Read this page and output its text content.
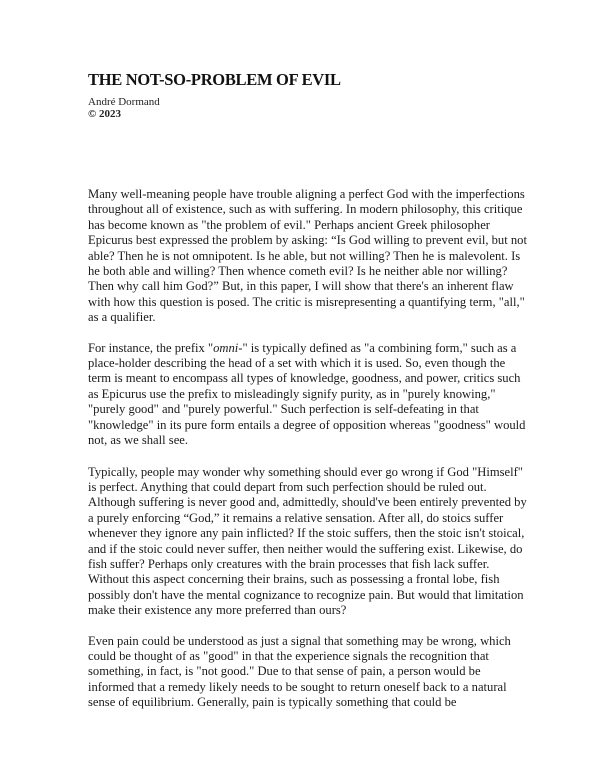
THE NOT-SO-PROBLEM OF EVIL
André Dormand
© 2023

Many well-meaning people have trouble aligning a perfect God with the imperfections throughout all of existence, such as with suffering. In modern philosophy, this critique has become known as "the problem of evil." Perhaps ancient Greek philosopher Epicurus best expressed the problem by asking: “Is God willing to prevent evil, but not able? Then he is not omnipotent. Is he able, but not willing? Then he is malevolent. Is he both able and willing? Then whence cometh evil? Is he neither able nor willing? Then why call him God?” But, in this paper, I will show that there's an inherent flaw with how this question is posed. The critic is misrepresenting a quantifying term, "all," as a qualifier.

For instance, the prefix "omni-" is typically defined as "a combining form," such as a place-holder describing the head of a set with which it is used. So, even though the term is meant to encompass all types of knowledge, goodness, and power, critics such as Epicurus use the prefix to misleadingly signify purity, as in "purely knowing," "purely good" and "purely powerful." Such perfection is self-defeating in that "knowledge" in its pure form entails a degree of opposition whereas "goodness" would not, as we shall see.

Typically, people may wonder why something should ever go wrong if God "Himself" is perfect. Anything that could depart from such perfection should be ruled out. Although suffering is never good and, admittedly, should've been entirely prevented by a purely enforcing “God,” it remains a relative sensation. After all, do stoics suffer whenever they ignore any pain inflicted? If the stoic suffers, then the stoic isn't stoical, and if the stoic could never suffer, then neither would the suffering exist. Likewise, do fish suffer? Perhaps only creatures with the brain processes that fish lack suffer. Without this aspect concerning their brains, such as possessing a frontal lobe, fish possibly don't have the mental cognizance to recognize pain. But would that limitation make their existence any more preferred than ours?

Even pain could be understood as just a signal that something may be wrong, which could be thought of as "good" in that the experience signals the recognition that something, in fact, is "not good." Due to that sense of pain, a person would be informed that a remedy likely needs to be sought to return oneself back to a natural sense of equilibrium. Generally, pain is typically something that could be
